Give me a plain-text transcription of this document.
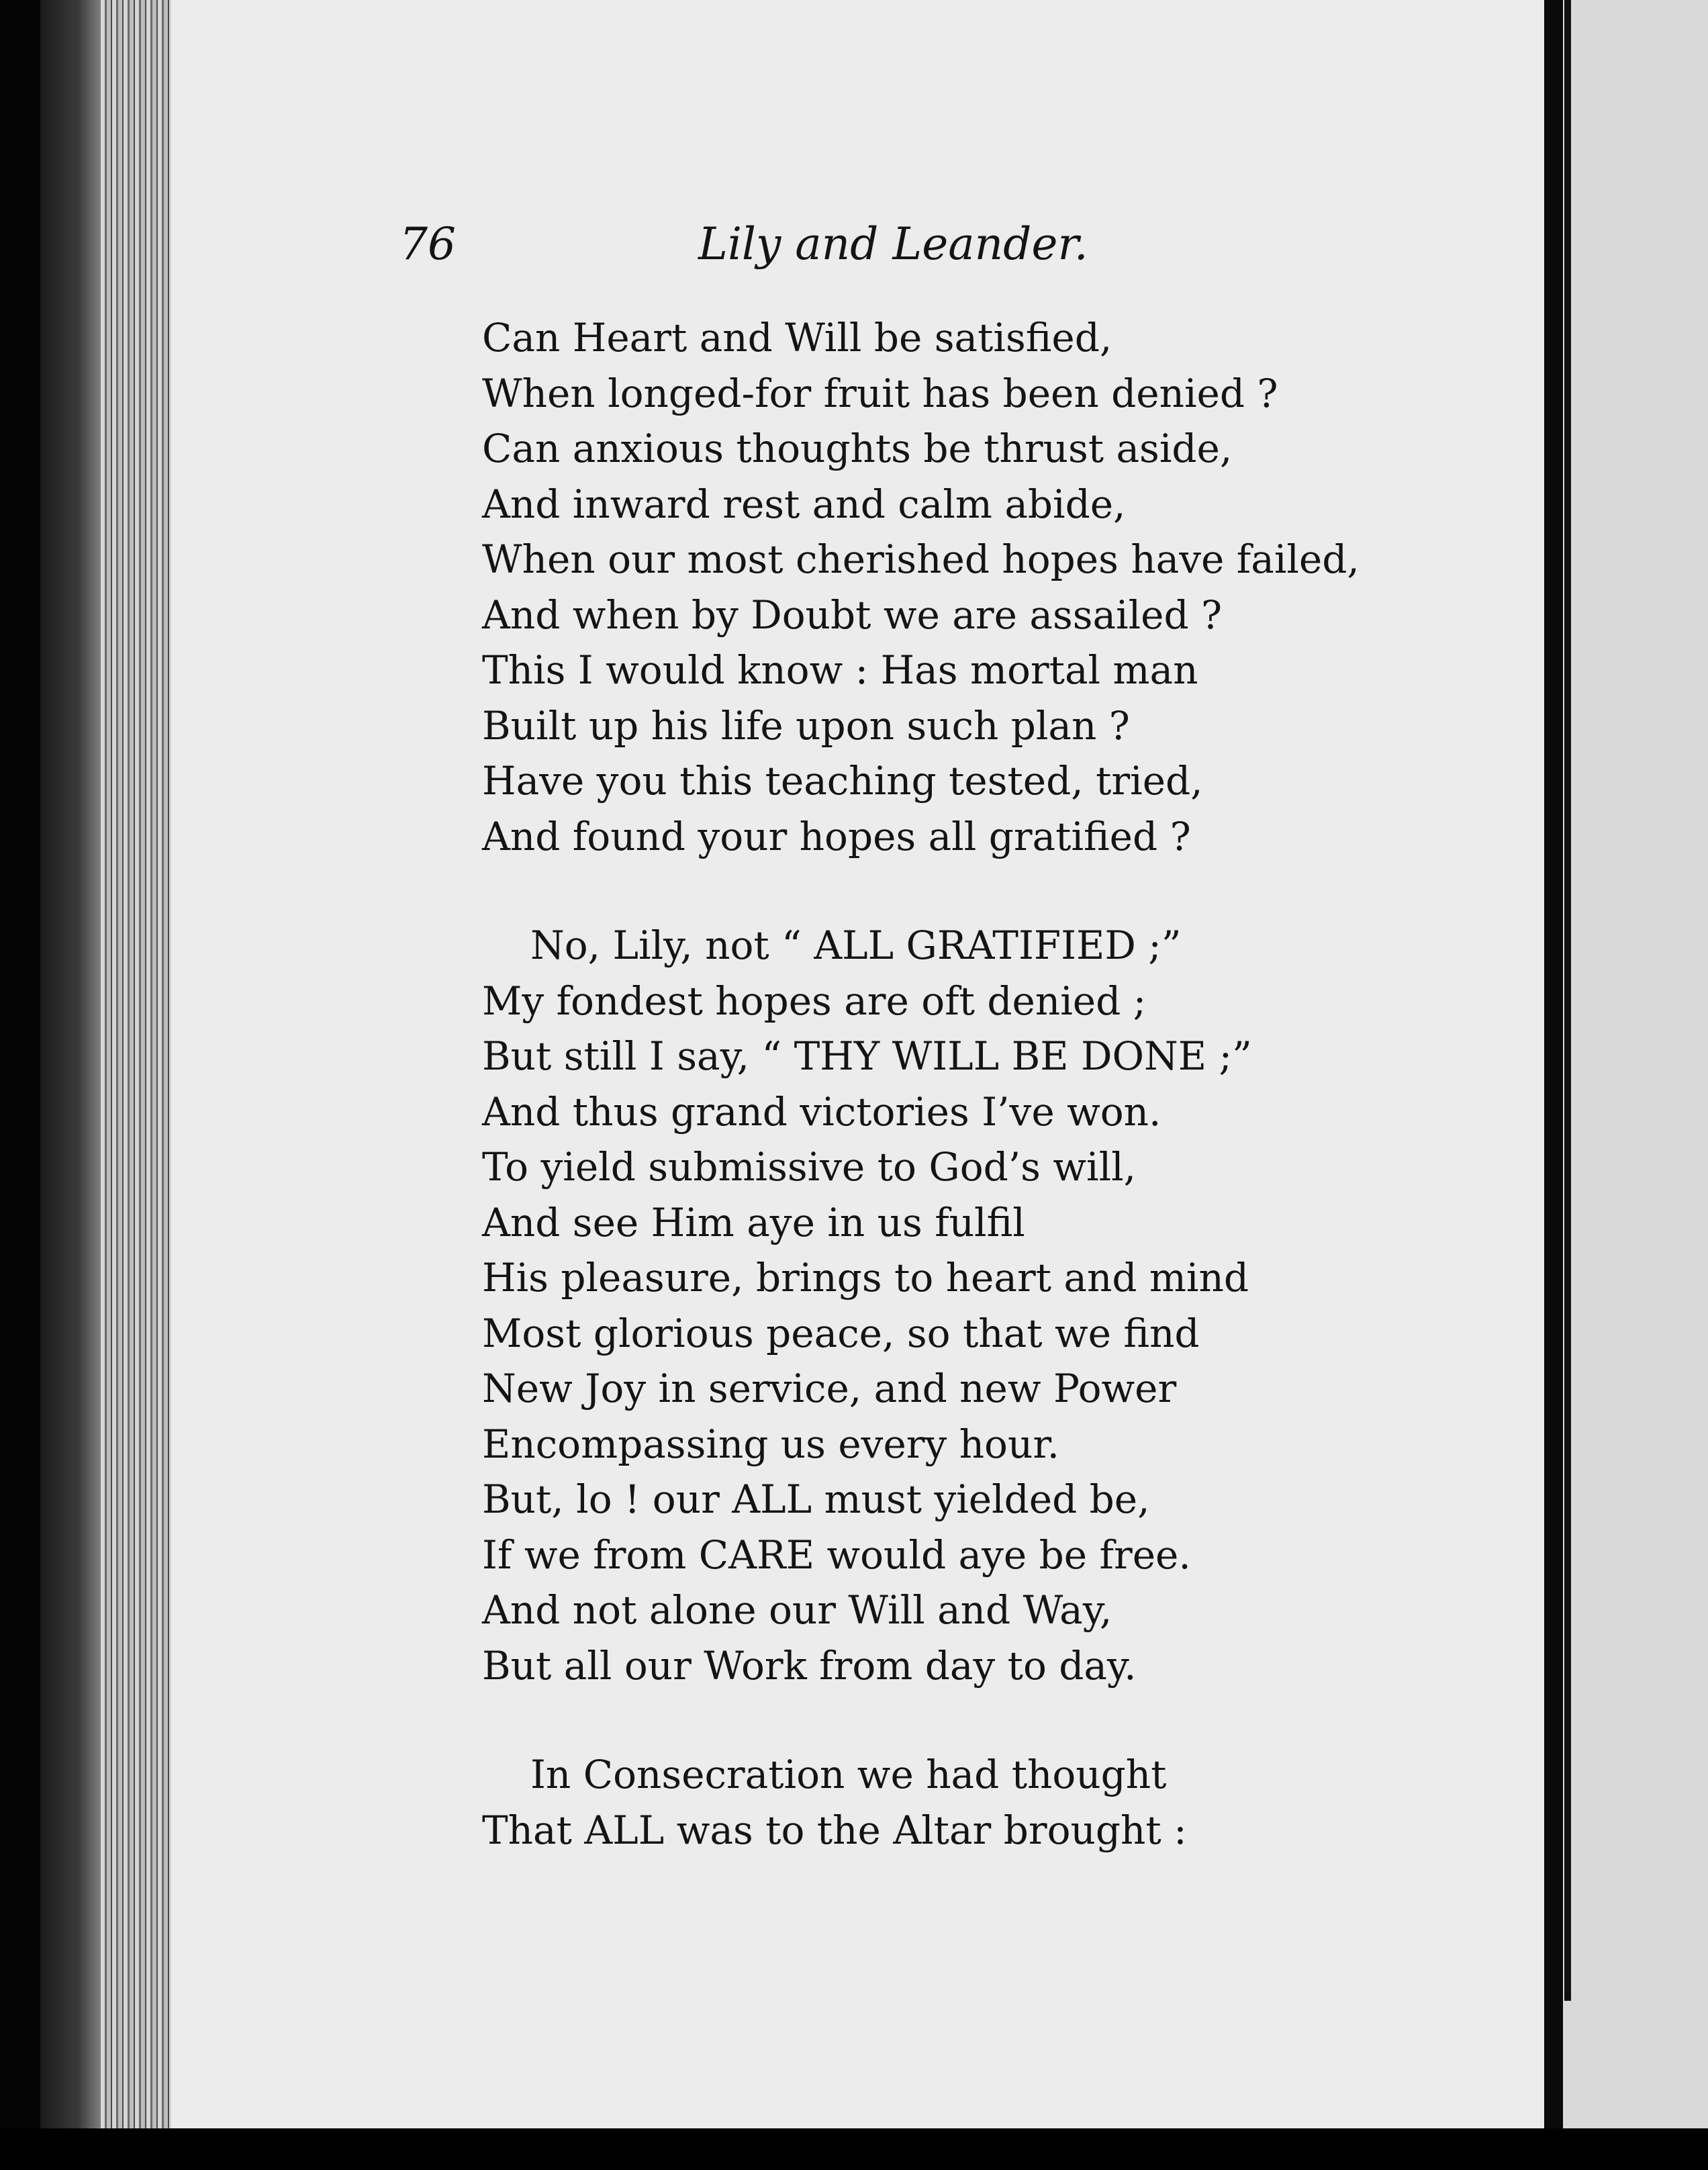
76	Lily and Leander.
Can Heart and Will be satisfied,
When longed-for fruit has been denied ?
Can anxious thoughts be thrust aside,
And inward rest and calm abide,
When our most cherished hopes have failed,
And when by Doubt we are assailed ?
This I would know : Has mortal man
Built up his life upon such plan ?
Have you this teaching tested, tried,
And found your hopes all gratified ?
No, Lily, not “ ALL GRATIFIED ;”
My fondest hopes are oft denied ;
But still I say, “ THY WILL BE DONE ;”
And thus grand victories I’ve won.
To yield submissive to God’s will,
And see Him aye in us fulfil
His pleasure, brings to heart and mind
Most glorious peace, so that we find
New Joy in service, and new Power
Encompassing us every hour.
But, lo ! our ALL must yielded be,
If we from CARE would aye be free.
And not alone our Will and Way,
But all our Work from day to day.
In Consecration we had thought
That ALL was to the Altar brought :
